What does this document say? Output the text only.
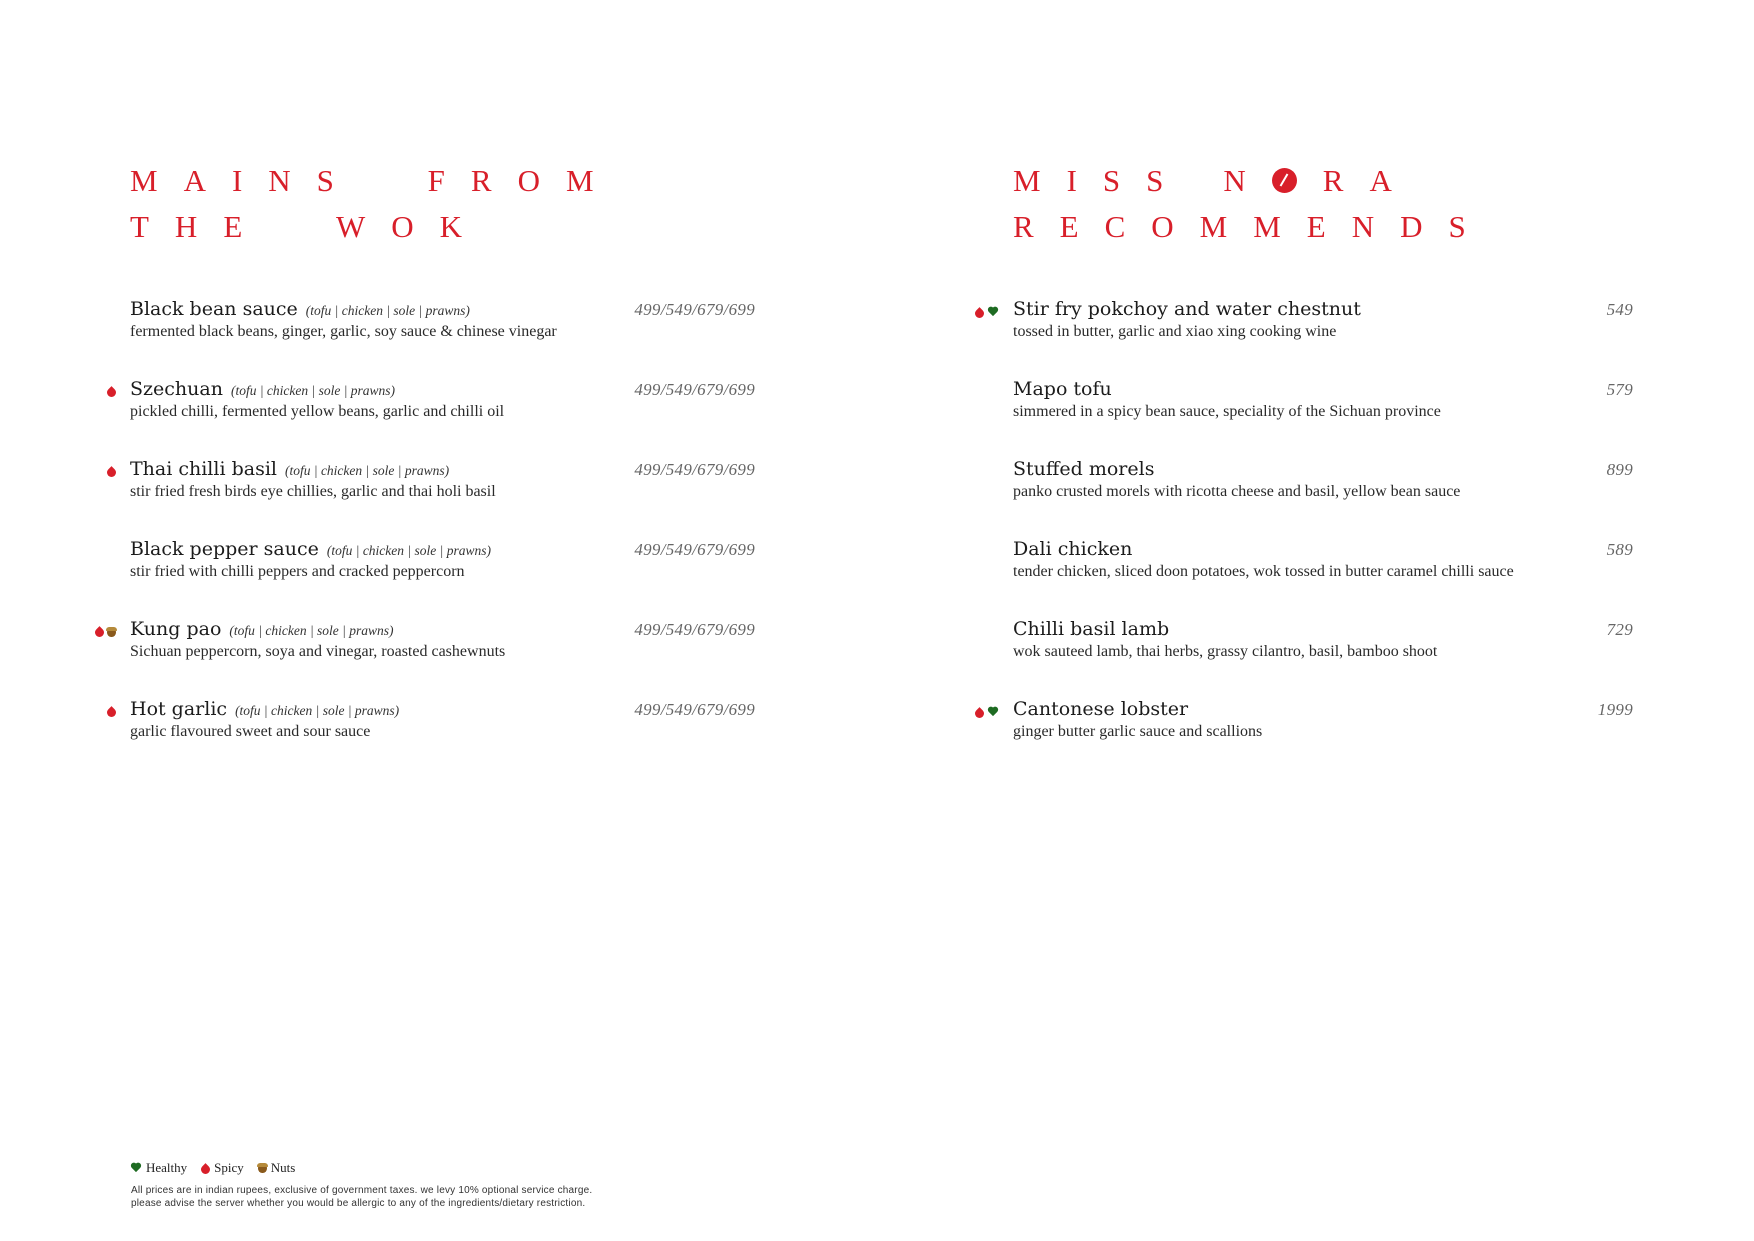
MAINS FROM
THE WOK
Black bean sauce (tofu | chicken | sole | prawns)	499/549/679/699
fermented black beans, ginger, garlic, soy sauce & chinese vinegar
Szechuan (tofu | chicken | sole | prawns)	499/549/679/699
pickled chilli, fermented yellow beans, garlic and chilli oil
Thai chilli basil (tofu | chicken | sole | prawns)	499/549/679/699
stir fried fresh birds eye chillies, garlic and thai holi basil
Black pepper sauce (tofu | chicken | sole | prawns)	499/549/679/699
stir fried with chilli peppers and cracked peppercorn
Kung pao (tofu | chicken | sole | prawns)	499/549/679/699
Sichuan peppercorn, soya and vinegar, roasted cashewnuts
Hot garlic (tofu | chicken | sole | prawns)	499/549/679/699
garlic flavoured sweet and sour sauce
MISS N RA
RECOMMENDS
Stir fry pokchoy and water chestnut	549
tossed in butter, garlic and xiao xing cooking wine
Mapo tofu	579
simmered in a spicy bean sauce, speciality of the Sichuan province
Stuffed morels	899
panko crusted morels with ricotta cheese and basil, yellow bean sauce
Dali chicken	589
tender chicken, sliced doon potatoes, wok tossed in butter caramel chilli sauce
Chilli basil lamb	729
wok sauteed lamb, thai herbs, grassy cilantro, basil, bamboo shoot
Cantonese lobster	1999
ginger butter garlic sauce and scallions
Healthy Spicy Nuts
All prices are in indian rupees, exclusive of government taxes. we levy 10% optional service charge.
please advise the server whether you would be allergic to any of the ingredients/dietary restriction.
